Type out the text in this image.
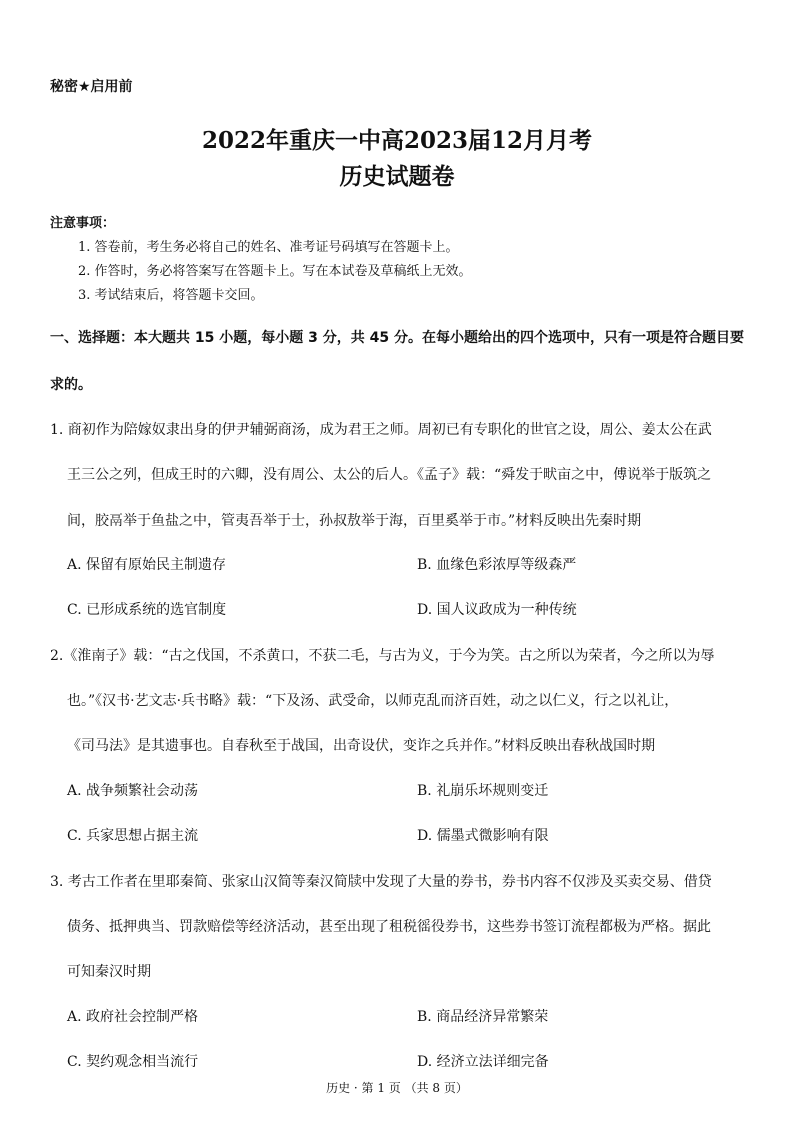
秘密★启用前
2022年重庆一中高2023届12月月考
历史试题卷
注意事项：
1. 答卷前，考生务必将自己的姓名、准考证号码填写在答题卡上。
2. 作答时，务必将答案写在答题卡上。写在本试卷及草稿纸上无效。
3. 考试结束后，将答题卡交回。
一、选择题：本大题共 15 小题，每小题 3 分，共 45 分。在每小题给出的四个选项中，只有一项是符合题目要
求的。
1. 商初作为陪嫁奴隶出身的伊尹辅弼商汤，成为君王之师。周初已有专职化的世官之设，周公、姜太公在武
王三公之列，但成王时的六卿，没有周公、太公的后人。《孟子》载：“舜发于畎亩之中，傅说举于版筑之
间，胶鬲举于鱼盐之中，管夷吾举于士，孙叔敖举于海，百里奚举于市。”材料反映出先秦时期
A. 保留有原始民主制遗存	B. 血缘色彩浓厚等级森严
C. 已形成系统的选官制度	D. 国人议政成为一种传统
2.《淮南子》载：“古之伐国，不杀黄口，不获二毛，与古为义，于今为笑。古之所以为荣者，今之所以为辱
也。”《汉书·艺文志·兵书略》载：“下及汤、武受命，以师克乱而济百姓，动之以仁义，行之以礼让，
《司马法》是其遗事也。自春秋至于战国，出奇设伏，变诈之兵并作。”材料反映出春秋战国时期
A. 战争频繁社会动荡	B. 礼崩乐坏规则变迁
C. 兵家思想占据主流	D. 儒墨式微影响有限
3. 考古工作者在里耶秦简、张家山汉简等秦汉简牍中发现了大量的券书，券书内容不仅涉及买卖交易、借贷
债务、抵押典当、罚款赔偿等经济活动，甚至出现了租税徭役券书，这些券书签订流程都极为严格。据此
可知秦汉时期
A. 政府社会控制严格	B. 商品经济异常繁荣
C. 契约观念相当流行	D. 经济立法详细完备
历史 · 第 1 页 （共 8 页）
